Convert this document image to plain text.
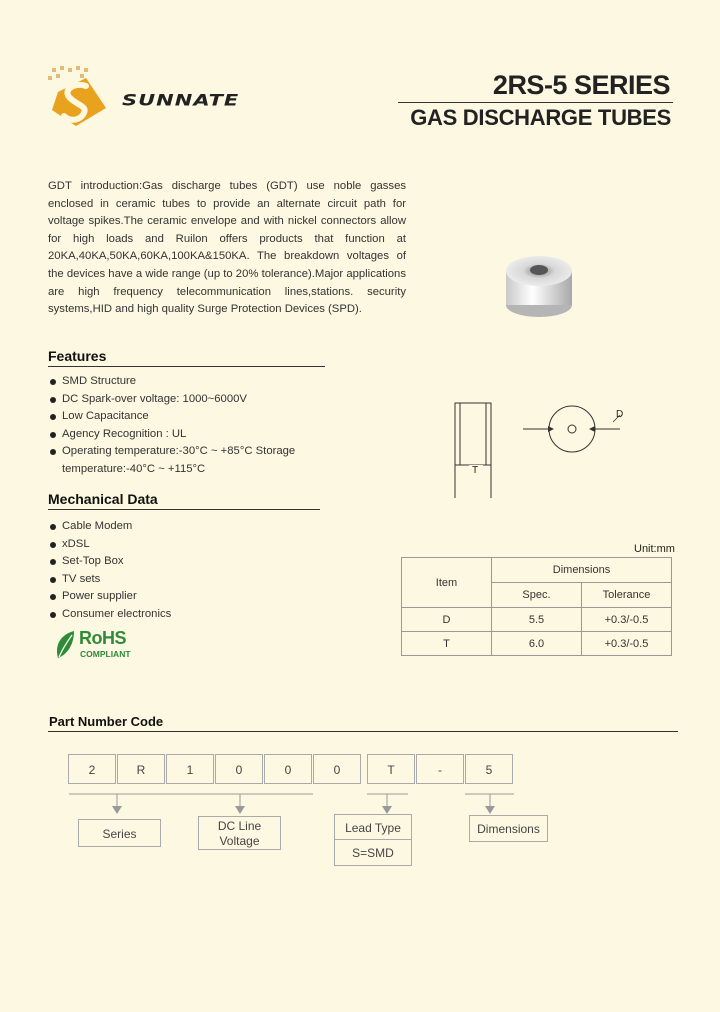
SUNNATE	2RS-5 SERIES
GAS DISCHARGE TUBES
GDT introduction:Gas discharge tubes (GDT) use noble gasses enclosed in ceramic tubes to provide an alternate circuit path for voltage spikes.The ceramic envelope and with nickel connectors allow for high loads and Ruilon offers products that function at 20KA,40KA,50KA,60KA,100KA&150KA. The breakdown voltages of the devices have a wide range (up to 20% tolerance).Major applications are high frequency telecommunication lines,stations. security systems,HID and high quality Surge Protection Devices (SPD).
Features
SMD Structure
DC Spark-over voltage: 1000~6000V
Low Capacitance
Agency Recognition : UL
Operating temperature:-30°C ~ +85°C Storage temperature:-40°C ~ +115°C
Mechanical Data
Cable Modem
xDSL
Set-Top Box
TV sets
Power supplier
Consumer electronics
RoHS
COMPLIANT
T
D
Unit:mm
Item	Dimensions	
	Spec.	Tolerance
D	5.5	+0.3/-0.5
T	6.0	+0.3/-0.5
Part Number Code
2	R	1	0	0	0	T	-	5
Series
DC Line
Voltage
Lead Type
S=SMD
Dimensions
